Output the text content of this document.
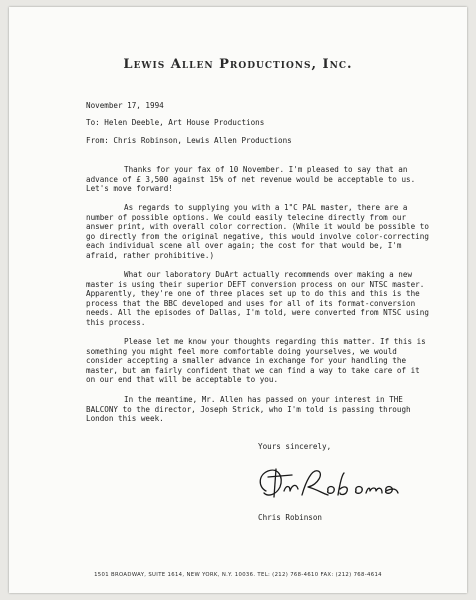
Lewis Allen Productions, Inc.
November 17, 1994
To: Helen Deeble, Art House Productions
From: Chris Robinson, Lewis Allen Productions

Thanks for your fax of 10 November. I'm pleased to say that an advance of £ 3,500 against 15% of net revenue would be acceptable to us. Let's move forward!

As regards to supplying you with a 1"C PAL master, there are a number of possible options. We could easily telecine directly from our answer print, with overall color correction. (While it would be possible to go directly from the original negative, this would involve color-correcting each individual scene all over again; the cost for that would be, I'm afraid, rather prohibitive.)

What our laboratory DuArt actually recommends over making a new master is using their superior DEFT conversion process on our NTSC master. Apparently, they're one of three places set up to do this and this is the process that the BBC developed and uses for all of its format-conversion needs. All the episodes of Dallas, I'm told, were converted from NTSC using this process.

Please let me know your thoughts regarding this matter. If this is something you might feel more comfortable doing yourselves, we would consider accepting a smaller advance in exchange for your handling the master, but am fairly confident that we can find a way to take care of it on our end that will be acceptable to you.

In the meantime, Mr. Allen has passed on your interest in THE BALCONY to the director, Joseph Strick, who I'm told is passing through London this week.

Yours sincerely,
Chris Robinson
1501 BROADWAY, SUITE 1614, NEW YORK, N.Y. 10036. TEL: (212) 768-4610 FAX: (212) 768-4614
